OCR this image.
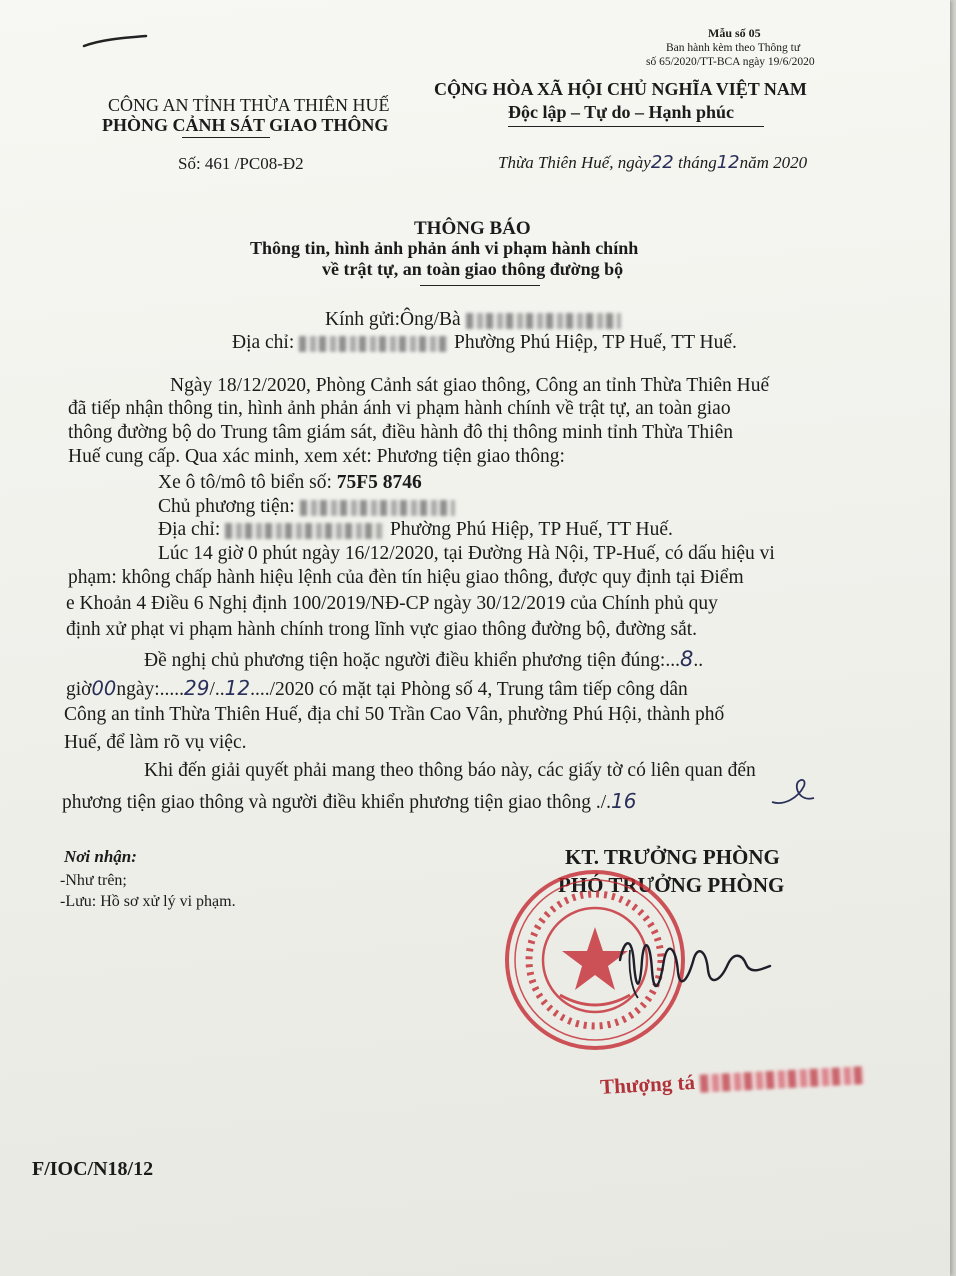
Mẫu số 05
Ban hành kèm theo Thông tư
số 65/2020/TT-BCA ngày 19/6/2020
CÔNG AN TỈNH THỪA THIÊN HUẾ
PHÒNG CẢNH SÁT GIAO THÔNG
CỘNG HÒA XÃ HỘI CHỦ NGHĨA VIỆT NAM
Độc lập – Tự do – Hạnh phúc
Số: 461 /PC08-Đ2	Thừa Thiên Huế, ngày22 tháng12năm 2020
THÔNG BÁO
Thông tin, hình ảnh phản ánh vi phạm hành chính
về trật tự, an toàn giao thông đường bộ
Kính gửi:Ông/Bà
Địa chỉ:	Phường Phú Hiệp, TP Huế, TT Huế.
Ngày 18/12/2020, Phòng Cảnh sát giao thông, Công an tỉnh Thừa Thiên Huế
đã tiếp nhận thông tin, hình ảnh phản ánh vi phạm hành chính về trật tự, an toàn giao
thông đường bộ do Trung tâm giám sát, điều hành đô thị thông minh tỉnh Thừa Thiên
Huế cung cấp. Qua xác minh, xem xét: Phương tiện giao thông:
Xe ô tô/mô tô biển số: 75F5 8746
Chủ phương tiện:
Địa chỉ:	Phường Phú Hiệp, TP Huế, TT Huế.
Lúc 14 giờ 0 phút ngày 16/12/2020, tại Đường Hà Nội, TP-Huế, có dấu hiệu vi
phạm: không chấp hành hiệu lệnh của đèn tín hiệu giao thông, được quy định tại Điểm
e Khoản 4 Điều 6 Nghị định 100/2019/NĐ-CP ngày 30/12/2019 của Chính phủ quy
định xử phạt vi phạm hành chính trong lĩnh vực giao thông đường bộ, đường sắt.
Đề nghị chủ phương tiện hoặc người điều khiển phương tiện đúng:...8..
giờ00ngày:.....29/..12..../2020 có mặt tại Phòng số 4, Trung tâm tiếp công dân
Công an tỉnh Thừa Thiên Huế, địa chỉ 50 Trần Cao Vân, phường Phú Hội, thành phố
Huế, để làm rõ vụ việc.
Khi đến giải quyết phải mang theo thông báo này, các giấy tờ có liên quan đến
phương tiện giao thông và người điều khiển phương tiện giao thông ./.16
Nơi nhận:
-Như trên;
-Lưu: Hồ sơ xử lý vi phạm.
KT. TRƯỞNG PHÒNG
PHÓ TRƯỞNG PHÒNG
Thượng tá
F/IOC/N18/12
